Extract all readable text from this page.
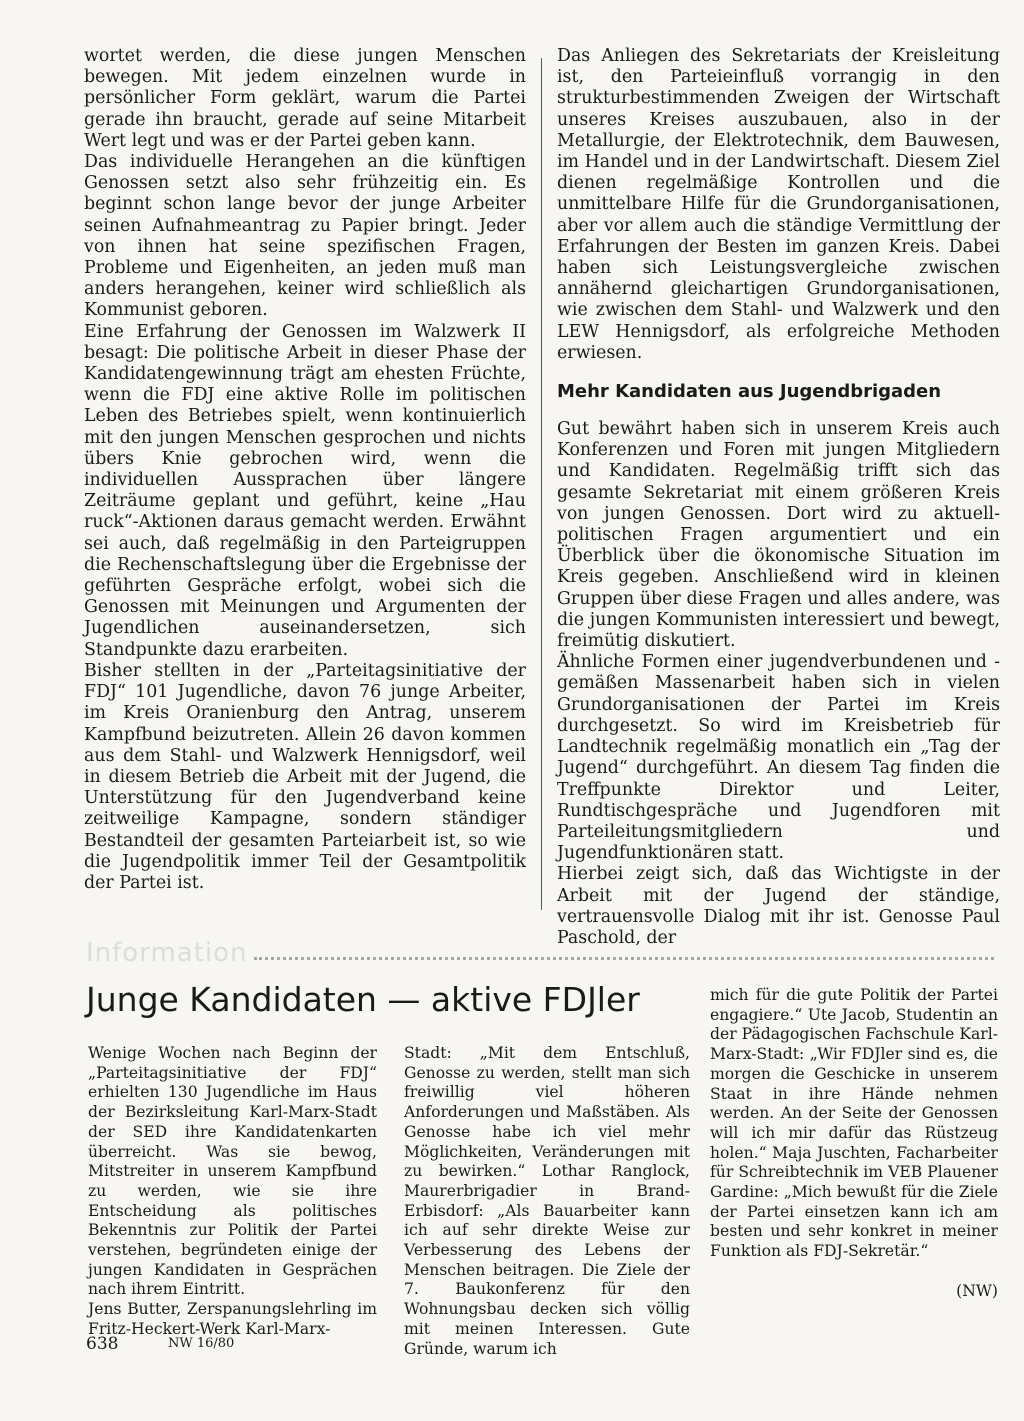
wortet werden, die diese jungen Menschen bewegen. Mit jedem einzelnen wurde in persönlicher Form geklärt, warum die Partei gerade ihn braucht, gerade auf seine Mitarbeit Wert legt und was er der Partei geben kann.

Das individuelle Herangehen an die künftigen Genossen setzt also sehr frühzeitig ein. Es beginnt schon lange bevor der junge Arbeiter seinen Aufnahmeantrag zu Papier bringt. Jeder von ihnen hat seine spezifischen Fragen, Probleme und Eigenheiten, an jeden muß man anders herangehen, keiner wird schließlich als Kommunist geboren.

Eine Erfahrung der Genossen im Walzwerk II besagt: Die politische Arbeit in dieser Phase der Kandidatengewinnung trägt am ehesten Früchte, wenn die FDJ eine aktive Rolle im politischen Leben des Betriebes spielt, wenn kontinuierlich mit den jungen Menschen gesprochen und nichts übers Knie gebrochen wird, wenn die individuellen Aussprachen über längere Zeiträume geplant und geführt, keine „Hau ruck“-Aktionen daraus gemacht werden. Erwähnt sei auch, daß regelmäßig in den Parteigruppen die Rechenschaftslegung über die Ergebnisse der geführten Gespräche erfolgt, wobei sich die Genossen mit Meinungen und Argumenten der Jugendlichen auseinandersetzen, sich Standpunkte dazu erarbeiten.

Bisher stellten in der „Parteitagsinitiative der FDJ“ 101 Jugendliche, davon 76 junge Arbeiter, im Kreis Oranienburg den Antrag, unserem Kampfbund beizutreten. Allein 26 davon kommen aus dem Stahl- und Walzwerk Hennigsdorf, weil in diesem Betrieb die Arbeit mit der Jugend, die Unterstützung für den Jugendverband keine zeitweilige Kampagne, sondern ständiger Bestandteil der gesamten Parteiarbeit ist, so wie die Jugendpolitik immer Teil der Gesamtpolitik der Partei ist.

Das Anliegen des Sekretariats der Kreisleitung ist, den Parteieinfluß vorrangig in den strukturbestimmenden Zweigen der Wirtschaft unseres Kreises auszubauen, also in der Metallurgie, der Elektrotechnik, dem Bauwesen, im Handel und in der Landwirtschaft. Diesem Ziel dienen regelmäßige Kontrollen und die unmittelbare Hilfe für die Grundorganisationen, aber vor allem auch die ständige Vermittlung der Erfahrungen der Besten im ganzen Kreis. Dabei haben sich Leistungsvergleiche zwischen annähernd gleichartigen Grundorganisationen, wie zwischen dem Stahl- und Walzwerk und den LEW Hennigsdorf, als erfolgreiche Methoden erwiesen.

Mehr Kandidaten aus Jugendbrigaden

Gut bewährt haben sich in unserem Kreis auch Konferenzen und Foren mit jungen Mitgliedern und Kandidaten. Regelmäßig trifft sich das gesamte Sekretariat mit einem größeren Kreis von jungen Genossen. Dort wird zu aktuell-politischen Fragen argumentiert und ein Überblick über die ökonomische Situation im Kreis gegeben. Anschließend wird in kleinen Gruppen über diese Fragen und alles andere, was die jungen Kommunisten interessiert und bewegt, freimütig diskutiert.

Ähnliche Formen einer jugendverbundenen und -gemäßen Massenarbeit haben sich in vielen Grundorganisationen der Partei im Kreis durchgesetzt. So wird im Kreisbetrieb für Landtechnik regelmäßig monatlich ein „Tag der Jugend“ durchgeführt. An diesem Tag finden die Treffpunkte Direktor und Leiter, Rundtischgespräche und Jugendforen mit Parteileitungsmitgliedern und Jugendfunktionären statt.

Hierbei zeigt sich, daß das Wichtigste in der Arbeit mit der Jugend der ständige, vertrauensvolle Dialog mit ihr ist. Genosse Paul Paschold, der

Information
Junge Kandidaten — aktive FDJler

Wenige Wochen nach Beginn der „Parteitagsinitiative der FDJ“ erhielten 130 Jugendliche im Haus der Bezirksleitung Karl-Marx-Stadt der SED ihre Kandidatenkarten überreicht. Was sie bewog, Mitstreiter in unserem Kampfbund zu werden, wie sie ihre Entscheidung als politisches Bekenntnis zur Politik der Partei verstehen, begründeten einige der jungen Kandidaten in Gesprächen nach ihrem Eintritt.

Jens Butter, Zerspanungslehrling im Fritz-Heckert-Werk Karl-Marx-

Stadt: „Mit dem Entschluß, Genosse zu werden, stellt man sich freiwillig viel höheren Anforderungen und Maßstäben. Als Genosse habe ich viel mehr Möglichkeiten, Veränderungen mit zu bewirken.“ Lothar Ranglock, Maurerbrigadier in Brand-Erbisdorf: „Als Bauarbeiter kann ich auf sehr direkte Weise zur Verbesserung des Lebens der Menschen beitragen. Die Ziele der 7. Baukonferenz für den Wohnungsbau decken sich völlig mit meinen Interessen. Gute Gründe, warum ich

mich für die gute Politik der Partei engagiere.“ Ute Jacob, Studentin an der Pädagogischen Fachschule Karl-Marx-Stadt: „Wir FDJler sind es, die morgen die Geschicke in unserem Staat in ihre Hände nehmen werden. An der Seite der Genossen will ich mir dafür das Rüstzeug holen.“ Maja Juschten, Facharbeiter für Schreibtechnik im VEB Plauener Gardine: „Mich bewußt für die Ziele der Partei einsetzen kann ich am besten und sehr konkret in meiner Funktion als FDJ-Sekretär.“

(NW)

638	NW 16/80
